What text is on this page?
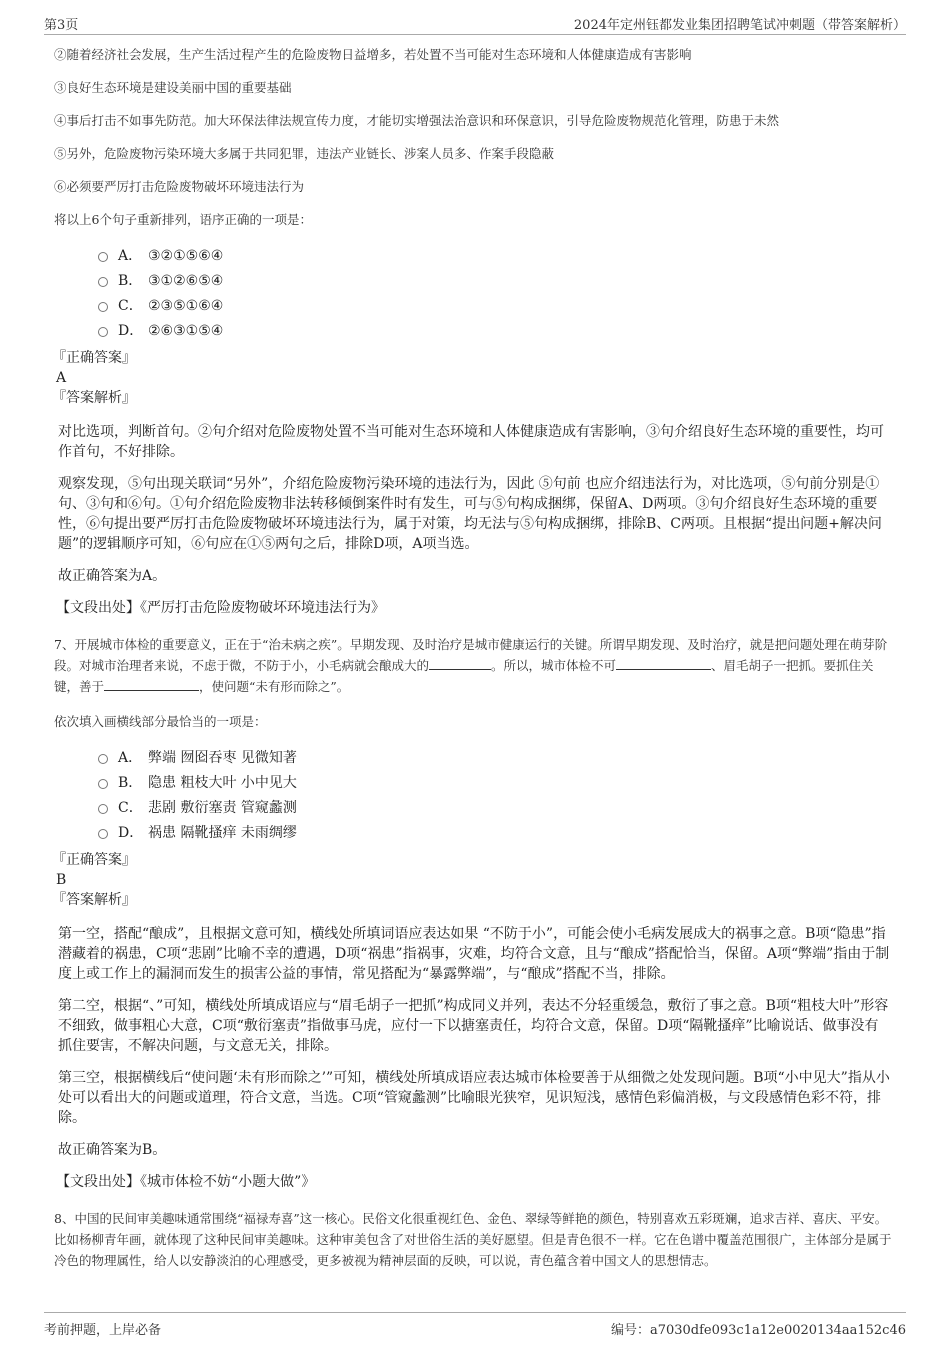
第3页	2024年定州钰都发业集团招聘笔试冲刺题（带答案解析）

②随着经济社会发展，生产生活过程产生的危险废物日益增多，若处置不当可能对生态环境和人体健康造成有害影响

③良好生态环境是建设美丽中国的重要基础

④事后打击不如事先防范。加大环保法律法规宣传力度，才能切实增强法治意识和环保意识，引导危险废物规范化管理，防患于未然

⑤另外，危险废物污染环境大多属于共同犯罪，违法产业链长、涉案人员多、作案手段隐蔽

⑥必须要严厉打击危险废物破坏环境违法行为

将以上6个句子重新排列，语序正确的一项是：

A． ③②①⑤⑥④
B． ③①②⑥⑤④
C． ②③⑤①⑥④
D． ②⑥③①⑤④
『正确答案』
A
『答案解析』

对比选项，判断首句。②句介绍对危险废物处置不当可能对生态环境和人体健康造成有害影响，③句介绍良好生态环境的重要性，均可作首句，不好排除。

观察发现，⑤句出现关联词“另外”，介绍危险废物污染环境的违法行为，因此 ⑤句前 也应介绍违法行为，对比选项，⑤句前分别是①句、③句和⑥句。①句介绍危险废物非法转移倾倒案件时有发生，可与⑤句构成捆绑，保留A、D两项。③句介绍良好生态环境的重要性，⑥句提出要严厉打击危险废物破坏环境违法行为，属于对策，均无法与⑤句构成捆绑，排除B、C两项。且根据“提出问题+解决问题”的逻辑顺序可知，⑥句应在①⑤两句之后，排除D项，A项当选。

故正确答案为A。

【文段出处】《严厉打击危险废物破坏环境违法行为》

7、开展城市体检的重要意义，正在于“治未病之疾”。早期发现、及时治疗是城市健康运行的关键。所谓早期发现、及时治疗，就是把问题处理在萌芽阶段。对城市治理者来说，不虑于微，不防于小，小毛病就会酿成大的	。所以，城市体检不可	、眉毛胡子一把抓。要抓住关键，善于	，使问题“未有形而除之”。

依次填入画横线部分最恰当的一项是：

A． 弊端 囫囵吞枣 见微知著
B． 隐患 粗枝大叶 小中见大
C． 悲剧 敷衍塞责 管窥蠡测
D． 祸患 隔靴搔痒 未雨绸缪
『正确答案』
B
『答案解析』

第一空，搭配“酿成”，且根据文意可知，横线处所填词语应表达如果 “不防于小”，可能会使小毛病发展成大的祸事之意。B项“隐患”指潜藏着的祸患，C项“悲剧”比喻不幸的遭遇，D项“祸患”指祸事，灾难，均符合文意，且与“酿成”搭配恰当，保留。A项“弊端”指由于制度上或工作上的漏洞而发生的损害公益的事情，常见搭配为“暴露弊端”，与“酿成”搭配不当，排除。

第二空，根据“、”可知，横线处所填成语应与“眉毛胡子一把抓”构成同义并列，表达不分轻重缓急，敷衍了事之意。B项“粗枝大叶”形容不细致，做事粗心大意，C项“敷衍塞责”指做事马虎，应付一下以搪塞责任，均符合文意，保留。D项“隔靴搔痒”比喻说话、做事没有抓住要害，不解决问题，与文意无关，排除。

第三空，根据横线后“使问题‘未有形而除之’”可知，横线处所填成语应表达城市体检要善于从细微之处发现问题。B项“小中见大”指从小处可以看出大的问题或道理，符合文意，当选。C项“管窥蠡测”比喻眼光狭窄，见识短浅，感情色彩偏消极，与文段感情色彩不符，排除。

故正确答案为B。

【文段出处】《城市体检不妨“小题大做”》

8、中国的民间审美趣味通常围绕“福禄寿喜”这一核心。民俗文化很重视红色、金色、翠绿等鲜艳的颜色，特别喜欢五彩斑斓，追求吉祥、喜庆、平安。比如杨柳青年画，就体现了这种民间审美趣味。这种审美包含了对世俗生活的美好愿望。但是青色很不一样。它在色谱中覆盖范围很广，主体部分是属于冷色的物理属性，给人以安静淡泊的心理感受，更多被视为精神层面的反映，可以说，青色蕴含着中国文人的思想情志。

考前押题，上岸必备	编号：a7030dfe093c1a12e0020134aa152c46
